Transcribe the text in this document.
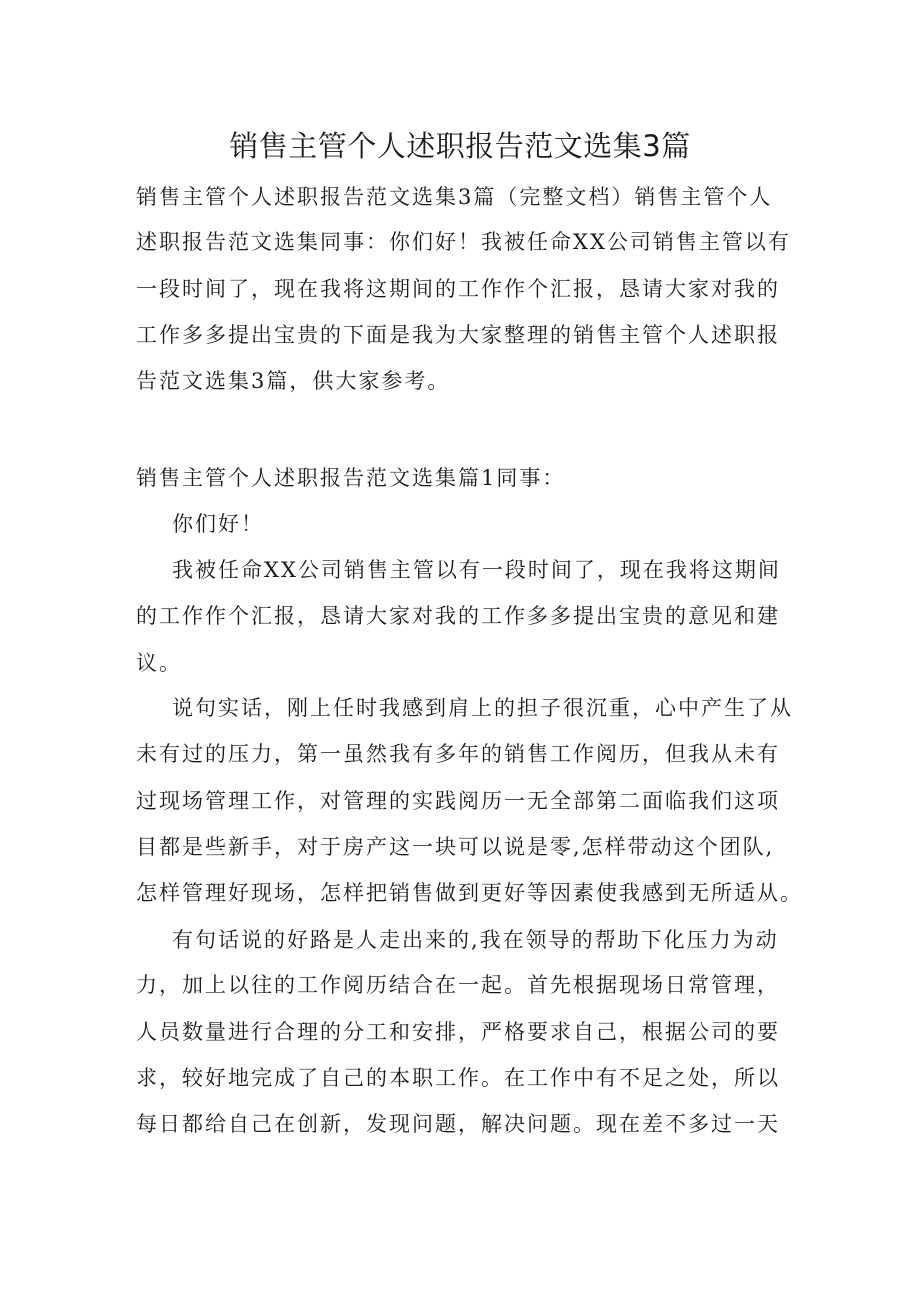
销售主管个人述职报告范文选集3篇
销售主管个人述职报告范文选集3篇（完整文档）销售主管个人
述职报告范文选集同事：你们好！我被任命XX公司销售主管以有
一段时间了，现在我将这期间的工作作个汇报，恳请大家对我的
工作多多提出宝贵的下面是我为大家整理的销售主管个人述职报
告范文选集3篇，供大家参考。
销售主管个人述职报告范文选集篇1同事：
你们好！
我被任命XX公司销售主管以有一段时间了，现在我将这期间
的工作作个汇报，恳请大家对我的工作多多提出宝贵的意见和建
议。
说句实话，刚上任时我感到肩上的担子很沉重，心中产生了从
未有过的压力，第一虽然我有多年的销售工作阅历，但我从未有
过现场管理工作，对管理的实践阅历一无全部第二面临我们这项
目都是些新手，对于房产这一块可以说是零,怎样带动这个团队,
怎样管理好现场，怎样把销售做到更好等因素使我感到无所适从。
有句话说的好路是人走出来的,我在领导的帮助下化压力为动
力，加上以往的工作阅历结合在一起。首先根据现场日常管理，
人员数量进行合理的分工和安排，严格要求自己，根据公司的要
求，较好地完成了自己的本职工作。在工作中有不足之处，所以
每日都给自己在创新，发现问题，解决问题。现在差不多过一天
